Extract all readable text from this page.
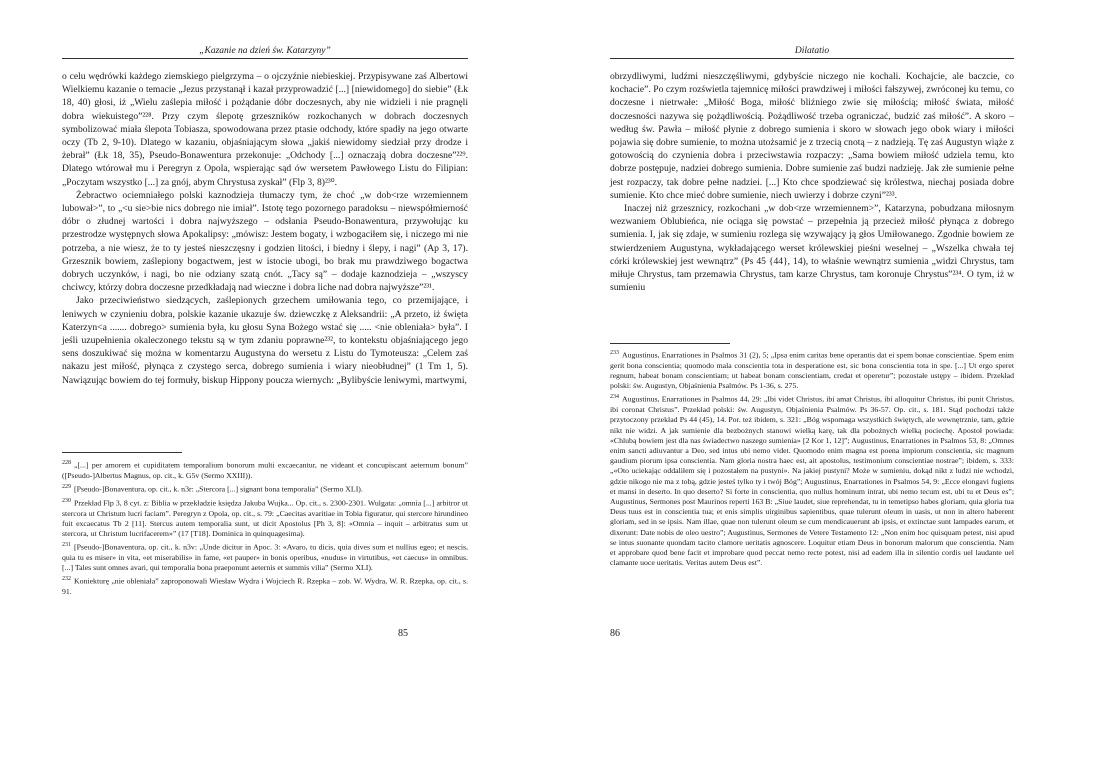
„Kazanie na dzień św. Katarzyny”

o celu wędrówki każdego ziemskiego pielgrzyma – o ojczyźnie niebieskiej. Przypisywane zaś Albertowi Wielkiemu kazanie o temacie „Jezus przystanął i kazał przyprowadzić [...] [niewidomego] do siebie” (Łk 18, 40) głosi, iż „Wielu zaślepia miłość i pożądanie dóbr doczesnych, aby nie widzieli i nie pragnęli dobra wiekuistego”²²⁸. Przy czym ślepotę grzeszników rozkochanych w dobrach doczesnych symbolizować miała ślepota Tobiasza, spowodowana przez ptasie odchody, które spadły na jego otwarte oczy (Tb 2, 9-10). Dlatego w kazaniu, objaśniającym słowa „jakiś niewidomy siedział przy drodze i żebrał” (Łk 18, 35), Pseudo-Bonawentura przekonuje: „Odchody [...] oznaczają dobra doczesne”²²⁹. Dlatego wtórował mu i Peregryn z Opola, wspierając sąd ów wersetem Pawłowego Listu do Filipian: „Poczytam wszystko [...] za gnój, abym Chrystusa zyskał” (Flp 3, 8)²³⁰.

Żebractwo ociemniałego polski kaznodzieja tłumaczy tym, że choć „w dob<rze wrzemiennem lubował>”, to „<u sie>bie nics dobrego nie imiał”. Istotę tego pozornego paradoksu – niewspółmierność dóbr o złudnej wartości i dobra najwyższego – odsłania Pseudo-Bonawentura, przywołując ku przestrodze występnych słowa Apokalipsy: „mówisz: Jestem bogaty, i wzbogaciłem się, i niczego mi nie potrzeba, a nie wiesz, że to ty jesteś nieszczęsny i godzien litości, i biedny i ślepy, i nagi” (Ap 3, 17). Grzesznik bowiem, zaślepiony bogactwem, jest w istocie ubogi, bo brak mu prawdziwego bogactwa dobrych uczynków, i nagi, bo nie odziany szatą cnót. „Tacy są” – dodaje kaznodzieja – „wszyscy chciwcy, którzy dobra doczesne przedkładają nad wieczne i dobra liche nad dobra najwyższe”²³¹.

Jako przeciwieństwo siedzących, zaślepionych grzechem umiłowania tego, co przemijające, i leniwych w czynieniu dobra, polskie kazanie ukazuje św. dziewczkę z Aleksandrii: „A przeto, iż święta Katerzyn<a ....... dobrego> sumienia była, ku głosu Syna Bożego wstać się ..... <nie obleniała> była”. I jeśli uzupełnienia okaleczonego tekstu są w tym zdaniu poprawne²³², to kontekstu objaśniającego jego sens doszukiwać się można w komentarzu Augustyna do wersetu z Listu do Tymoteusza: „Celem zaś nakazu jest miłość, płynąca z czystego serca, dobrego sumienia i wiary nieobłudnej” (1 Tm 1, 5). Nawiązując bowiem do tej formuły, biskup Hippony poucza wiernych: „Bylibyście leniwymi, martwymi,

$^{228}$ „[...] per amorem et cupiditatem temporalium bonorum multi excaecantur, ne videant et concupiscant aeternum bonum” ([Pseudo-]Albertus Magnus, op. cit., k. G5v (Sermo XXIII)).

$^{229}$ [Pseudo-]Bonaventura, op. cit., k. n3r: „Stercora [...] signant bona temporalia” (Sermo XLI).

$^{230}$ Przekład Flp 3, 8 cyt. z: Biblia w przekładzie księdza Jakuba Wujka... Op. cit., s. 2300-2301. Wulgata: „omnia [...] arbitror ut stercora ut Christum lucri faciam”. Peregryn z Opola, op. cit., s. 79: „Caecitas avaritiae in Tobia figuratur, qui stercore hirundineo fuit excaecatus Tb 2 [11]. Stercus autem temporalia sunt, ut dicit Apostolus [Ph 3, 8]: «Omnia – inquit – arbitratus sum ut stercora, ut Christum lucrifacerem»” (17 [T18]. Dominica in quinquagesima).

$^{231}$ [Pseudo-]Bonaventura, op. cit., k. n3v: „Unde dicitur in Apoc. 3: «Avaro, tu dicis, quia dives sum et nullius egeo; et nescis, quia tu es miser» in vita, «et miserabilis» in fame, «et pauper» in bonis operibus, «nudus» in virtutibus, «et caecus» in omnibus. [...] Tales sunt omnes avari, qui temporalia bona praeponunt aeternis et summis vilia” (Sermo XLI).

$^{232}$ Koniekturę „nie obleniała” zaproponowali Wiesław Wydra i Wojciech R. Rzepka – zob. W. Wydra, W. R. Rzepka, op. cit., s. 91.

85
Dilatatio

obrzydliwymi, ludźmi nieszczęśliwymi, gdybyście niczego nie kochali. Kochajcie, ale baczcie, co kochacie”. Po czym rozświetla tajemnicę miłości prawdziwej i miłości fałszywej, zwróconej ku temu, co doczesne i nietrwałe: „Miłość Boga, miłość bliźniego zwie się miłością; miłość świata, miłość doczesności nazywa się pożądliwością. Pożądliwość trzeba ograniczać, budzić zaś miłość”. A skoro – według św. Pawła – miłość płynie z dobrego sumienia i skoro w słowach jego obok wiary i miłości pojawia się dobre sumienie, to można utożsamić je z trzecią cnotą – z nadzieją. Tę zaś Augustyn wiąże z gotowością do czynienia dobra i przeciwstawia rozpaczy: „Sama bowiem miłość udziela temu, kto dobrze postępuje, nadziei dobrego sumienia. Dobre sumienie zaś budzi nadzieję. Jak złe sumienie pełne jest rozpaczy, tak dobre pełne nadziei. [...] Kto chce spodziewać się królestwa, niechaj posiada dobre sumienie. Kto chce mieć dobre sumienie, niech uwierzy i dobrze czyni”²³³.

Inaczej niż grzesznicy, rozkochani „w dob<rze wrzemiennem>”, Katarzyna, pobudzana miłosnym wezwaniem Oblubieńca, nie ociąga się powstać – przepełnia ją przecież miłość płynąca z dobrego sumienia. I, jak się zdaje, w sumieniu rozlega się wzywający ją głos Umiłowanego. Zgodnie bowiem ze stwierdzeniem Augustyna, wykładającego werset królewskiej pieśni weselnej – „Wszelka chwała tej córki królewskiej jest wewnątrz” (Ps 45 {44}, 14), to właśnie wewnątrz sumienia „widzi Chrystus, tam miłuje Chrystus, tam przemawia Chrystus, tam karze Chrystus, tam koronuje Chrystus”²³⁴. O tym, iż w sumieniu

$^{233}$ Augustinus, Enarrationes in Psalmos 31 (2), 5; „Ipsa enim caritas bene operantis dat ei spem bonae conscientiae. Spem enim gerit bona conscientia; quomodo mala conscientia tota in desperatione est, sic bona conscientia tota in spe. [...] Ut ergo speret regnum, habeat bonam conscientiam; ut habeat bonam conscientiam, credat et operetur”; pozostałe ustępy – ibidem. Przekład polski: św. Augustyn, Objaśnienia Psalmów. Ps 1-36, s. 275.

$^{234}$ Augustinus, Enarrationes in Psalmos 44, 29: „Ibi videt Christus, ibi amat Christus, ibi alloquitur Christus, ibi punit Christus, ibi coronat Christus”. Przekład polski: św. Augustyn, Objaśnienia Psalmów. Ps 36-57. Op. cit., s. 181. Stąd pochodzi także przytoczony przekład Ps 44 (45), 14. Por. też ibidem, s. 321: „Bóg wspomaga wszystkich świętych, ale wewnętrznie, tam, gdzie nikt nie widzi. A jak sumienie dla bezbożnych stanowi wielką karę, tak dla pobożnych wielką pociechę. Apostoł powiada: «Chlubą bowiem jest dla nas świadectwo naszego sumienia» [2 Kor 1, 12]”; Augustinus, Enarrationes in Psalmos 53, 8: „Omnes enim sancti adiuvantur a Deo, sed intus ubi nemo videt. Quomodo enim magna est poena impiorum conscientia, sic magnum gaudium piorum ipsa conscientia. Nam gloria nostra haec est, ait apostolus, testimonium conscientiae nostrae”; ibidem, s. 333: „«Oto uciekając oddaliłem się i pozostałem na pustyni». Na jakiej pustyni? Może w sumieniu, dokąd nikt z ludzi nie wchodzi, gdzie nikogo nie ma z tobą, gdzie jesteś tylko ty i twój Bóg”; Augustinus, Enarrationes in Psalmos 54, 9: „Ecce elongavi fugiens et mansi in deserto. In quo deserto? Si forte in conscientia, quo nullus hominum intrat, ubi nemo tecum est, ubi tu et Deus es”; Augustinus, Sermones post Maurinos reperti 163 B: „Siue laudet, siue reprehendat, tu in temetipso habes gloriam, quia gloria tua Deus tuus est in conscientia tua; et enis simplis uirginibus sapientibus, quae tulerunt oleum in uasis, ut non in altero haberent gloriam, sed in se ipsis. Nam illae, quae non tulerunt oleum se cum mendicauerunt ab ipsis, et extinctae sunt lampades earum, et dixerunt: Date nobis de oleo uestro”; Augustinus, Sermones de Vetere Testamento 12: „Non enim hoc quisquam petest, nisi apud se intus suonante quondam tacito clamore ueritatis agnoscere. Loquitur etiam Deus in bonorum malorum que conscientia. Nam et approbare quod bene facit et improbare quod peccat nemo recte potest, nisi ad eadem illa in silentio cordis uel laudante uel clamante uoce ueritatis. Veritas autem Deus est”.

86
